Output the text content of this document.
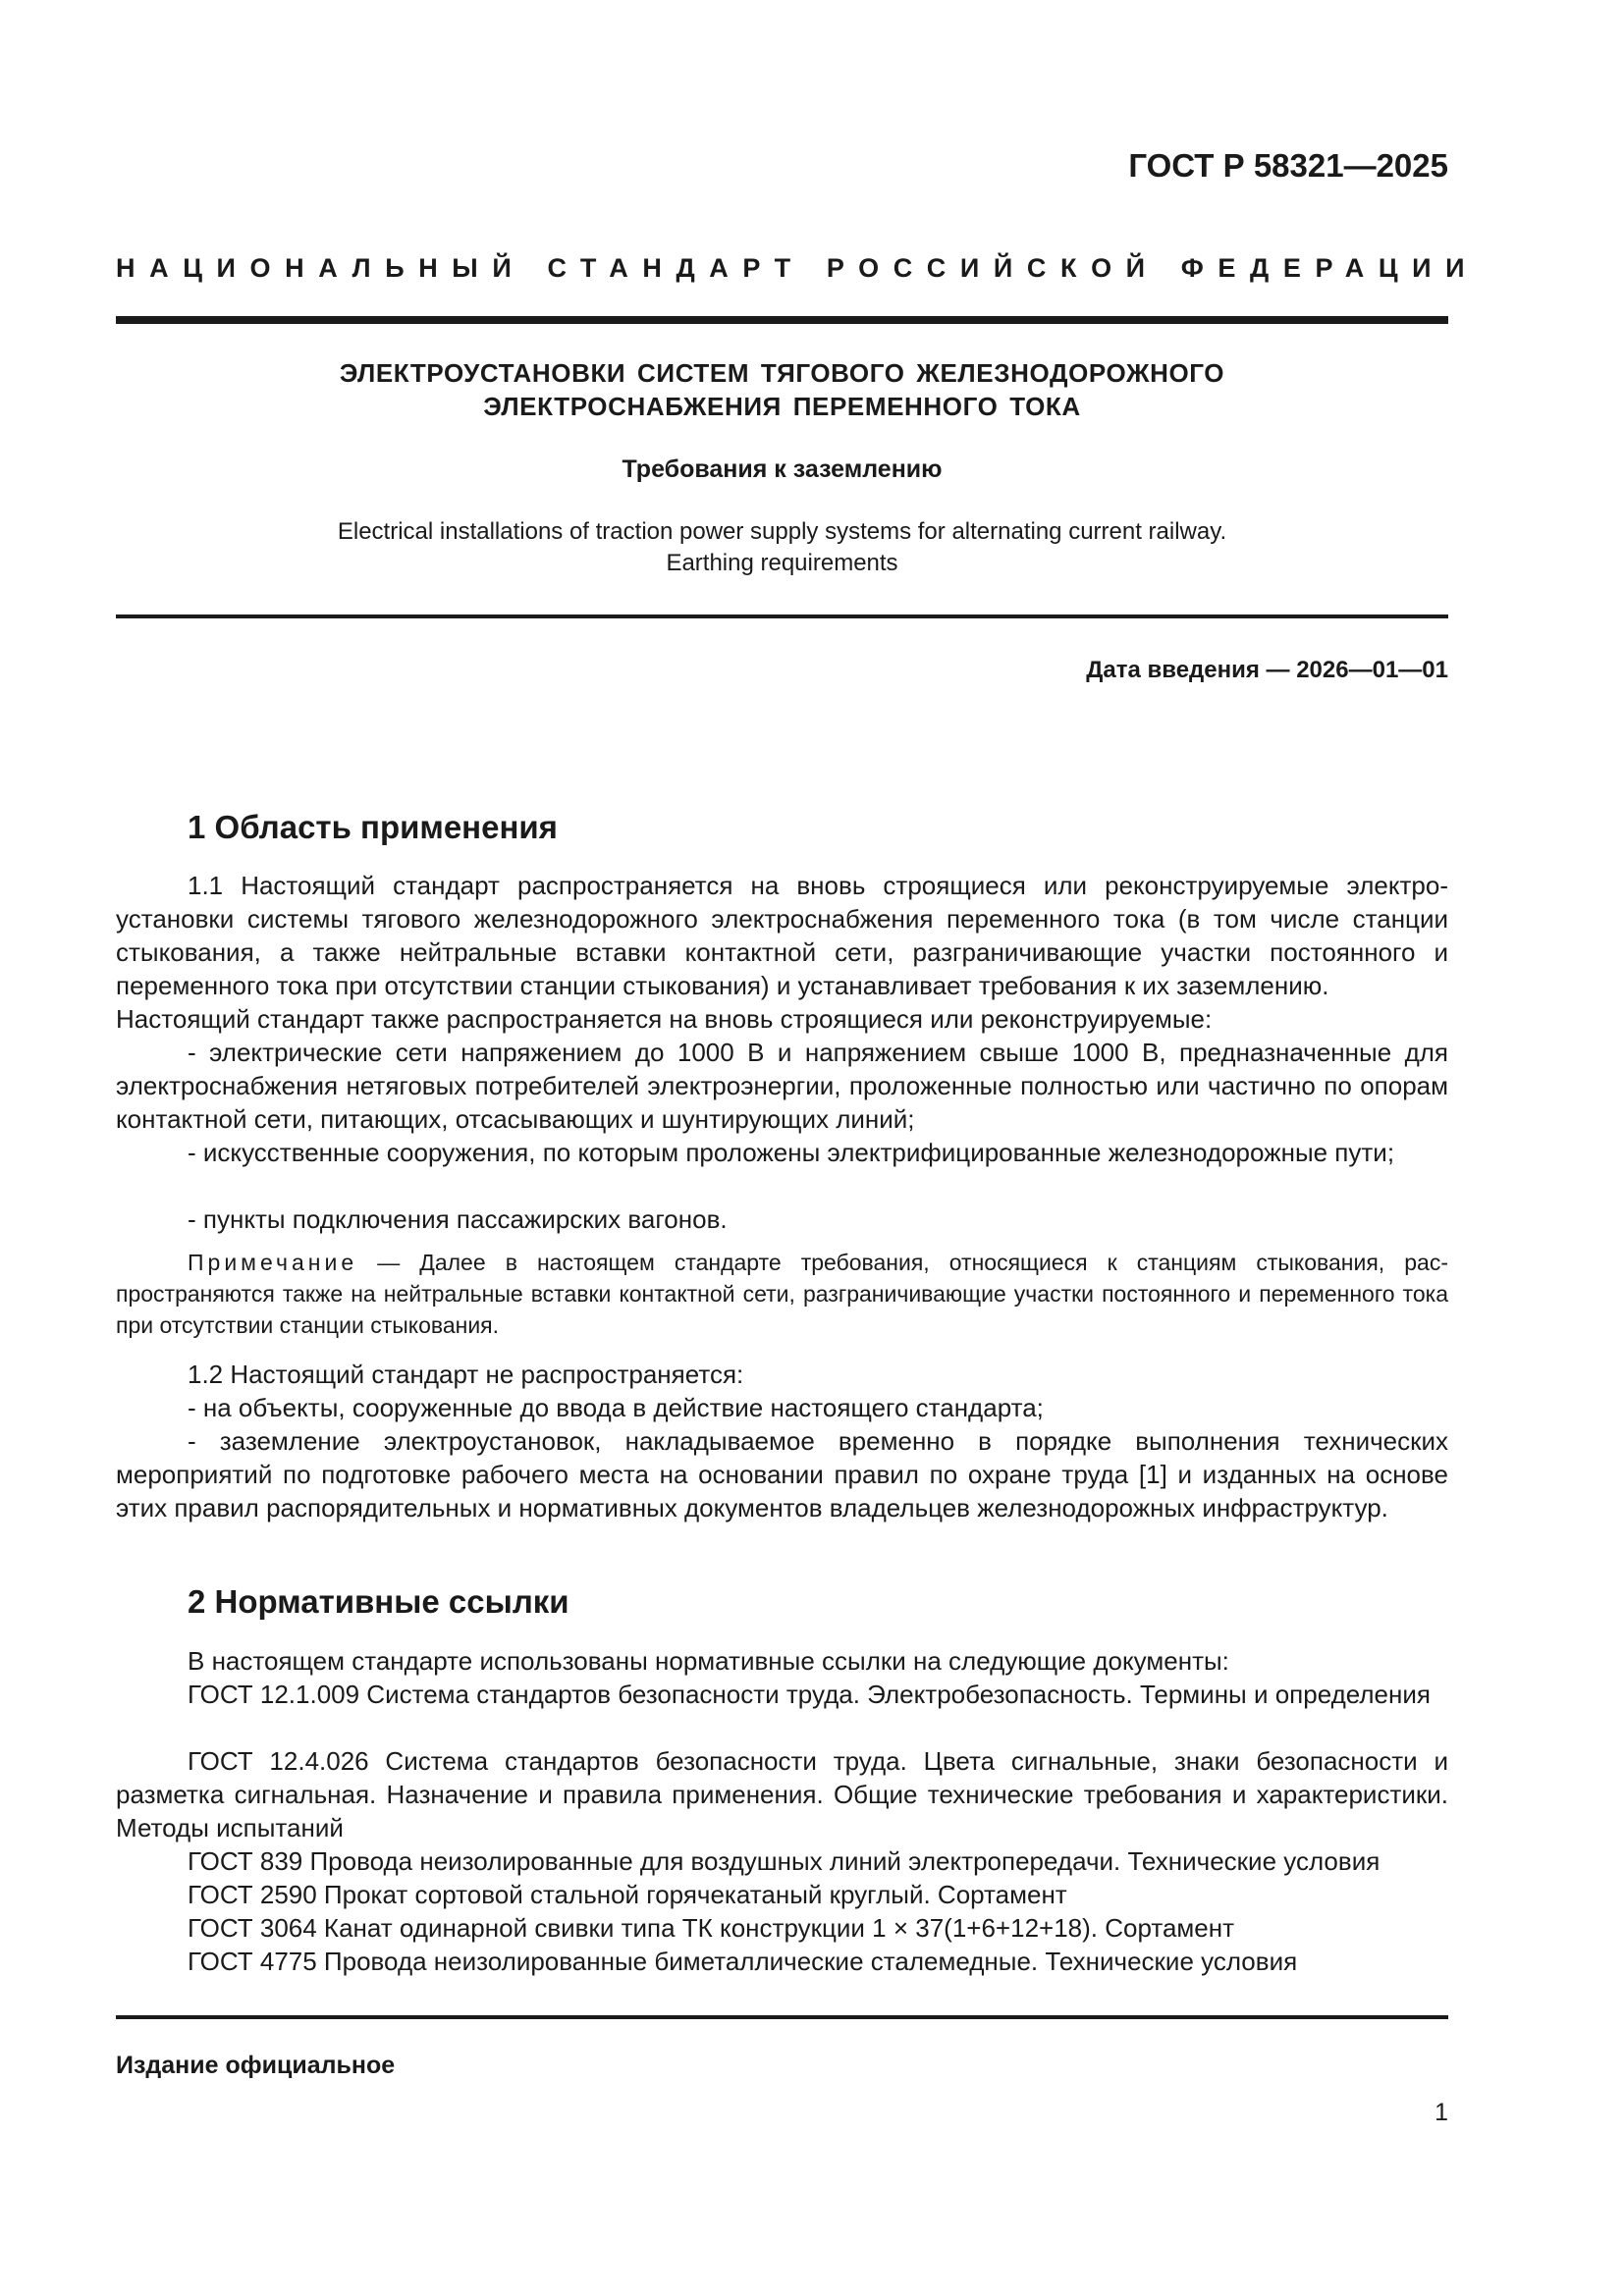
ГОСТ Р 58321—2025
НАЦИОНАЛЬНЫЙ СТАНДАРТ РОССИЙСКОЙ ФЕДЕРАЦИИ
ЭЛЕКТРОУСТАНОВКИ СИСТЕМ ТЯГОВОГО ЖЕЛЕЗНОДОРОЖНОГО
ЭЛЕКТРОСНАБЖЕНИЯ ПЕРЕМЕННОГО ТОКА
Требования к заземлению
Electrical installations of traction power supply systems for alternating current railway.
Earthing requirements
Дата введения — 2026—01—01
1 Область применения

1.1 Настоящий стандарт распространяется на вновь строящиеся или реконструируемые электроустановки системы тягового железнодорожного электроснабжения переменного тока (в том числе станции стыкования, а также нейтральные вставки контактной сети, разграничивающие участки постоянного и переменного тока при отсутствии станции стыкования) и устанавливает требования к их заземлению.

Настоящий стандарт также распространяется на вновь строящиеся или реконструируемые:

- электрические сети напряжением до 1000 В и напряжением свыше 1000 В, предназначенные для электроснабжения нетяговых потребителей электроэнергии, проложенные полностью или частично по опорам контактной сети, питающих, отсасывающих и шунтирующих линий;

- искусственные сооружения, по которым проложены электрифицированные железнодорожные пути;

- пункты подключения пассажирских вагонов.

Примечание — Далее в настоящем стандарте требования, относящиеся к станциям стыкования, распространяются также на нейтральные вставки контактной сети, разграничивающие участки постоянного и переменного тока при отсутствии станции стыкования.

1.2 Настоящий стандарт не распространяется:

- на объекты, сооруженные до ввода в действие настоящего стандарта;

- заземление электроустановок, накладываемое временно в порядке выполнения технических мероприятий по подготовке рабочего места на основании правил по охране труда [1] и изданных на основе этих правил распорядительных и нормативных документов владельцев железнодорожных инфраструктур.

2 Нормативные ссылки

В настоящем стандарте использованы нормативные ссылки на следующие документы:

ГОСТ 12.1.009 Система стандартов безопасности труда. Электробезопасность. Термины и определения

ГОСТ 12.4.026 Система стандартов безопасности труда. Цвета сигнальные, знаки безопасности и разметка сигнальная. Назначение и правила применения. Общие технические требования и характеристики. Методы испытаний

ГОСТ 839 Провода неизолированные для воздушных линий электропередачи. Технические условия

ГОСТ 2590 Прокат сортовой стальной горячекатаный круглый. Сортамент

ГОСТ 3064 Канат одинарной свивки типа ТК конструкции 1 × 37(1+6+12+18). Сортамент

ГОСТ 4775 Провода неизолированные биметаллические сталемедные. Технические условия

Издание официальное
1
